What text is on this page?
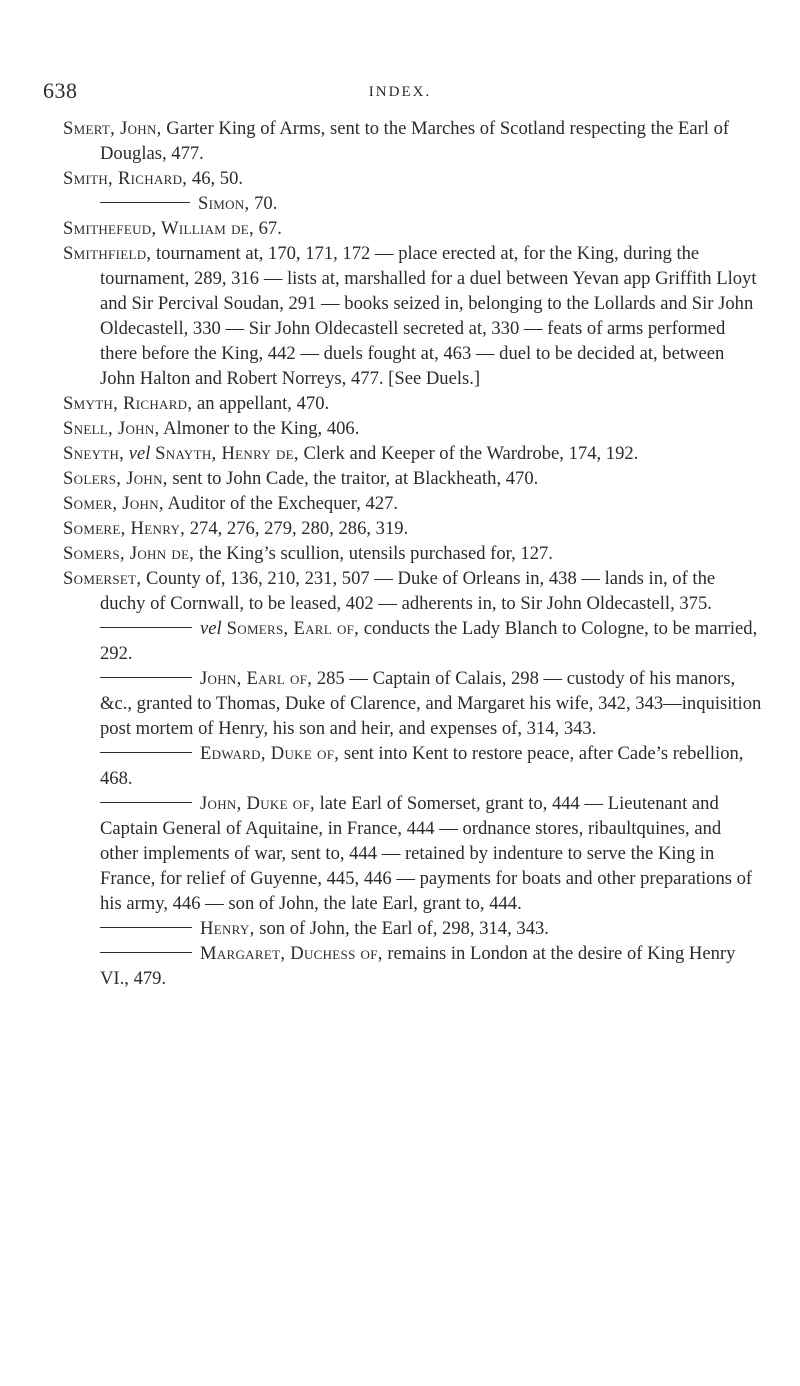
638	INDEX.

Smert, John, Garter King of Arms, sent to the Marches of Scotland respecting the Earl of Douglas, 477.

Smith, Richard, 46, 50.

Simon, 70.

Smithefeud, William de, 67.

Smithfield, tournament at, 170, 171, 172 — place erected at, for the King, during the tournament, 289, 316 — lists at, marshalled for a duel between Yevan app Griffith Lloyt and Sir Percival Soudan, 291 — books seized in, belonging to the Lollards and Sir John Oldecastell, 330 — Sir John Oldecastell secreted at, 330 — feats of arms performed there before the King, 442 — duels fought at, 463 — duel to be decided at, between John Halton and Robert Norreys, 477. [See Duels.]

Smyth, Richard, an appellant, 470.

Snell, John, Almoner to the King, 406.

Sneyth, vel Snayth, Henry de, Clerk and Keeper of the Wardrobe, 174, 192.

Solers, John, sent to John Cade, the traitor, at Blackheath, 470.

Somer, John, Auditor of the Exchequer, 427.

Somere, Henry, 274, 276, 279, 280, 286, 319.

Somers, John de, the King’s scullion, utensils purchased for, 127.

Somerset, County of, 136, 210, 231, 507 — Duke of Orleans in, 438 — lands in, of the duchy of Cornwall, to be leased, 402 — adherents in, to Sir John Oldecastell, 375.

vel Somers, Earl of, conducts the Lady Blanch to Cologne, to be married, 292.

John, Earl of, 285 — Captain of Calais, 298 — custody of his manors, &c., granted to Thomas, Duke of Clarence, and Margaret his wife, 342, 343—inquisition post mortem of Henry, his son and heir, and expenses of, 314, 343.

Edward, Duke of, sent into Kent to restore peace, after Cade’s rebellion, 468.

John, Duke of, late Earl of Somerset, grant to, 444 — Lieutenant and Captain General of Aquitaine, in France, 444 — ordnance stores, ribaultquines, and other implements of war, sent to, 444 — retained by indenture to serve the King in France, for relief of Guyenne, 445, 446 — payments for boats and other preparations of his army, 446 — son of John, the late Earl, grant to, 444.

Henry, son of John, the Earl of, 298, 314, 343.

Margaret, Duchess of, remains in London at the desire of King Henry VI., 479.
